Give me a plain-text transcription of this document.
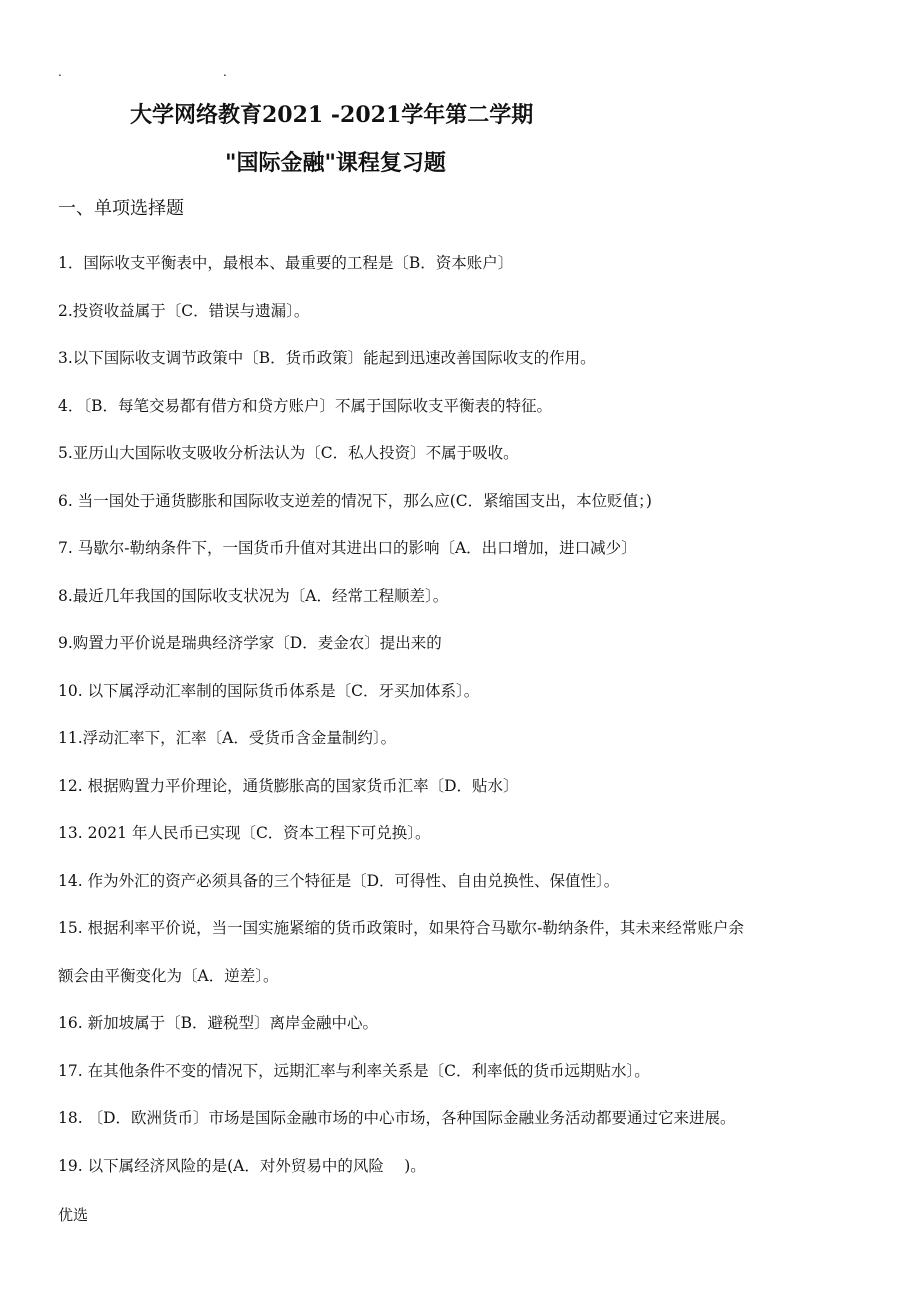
.	.
大学网络教育2021 -2021学年第二学期
"国际金融"课程复习题
一、单项选择题
1．国际收支平衡表中，最根本、最重要的工程是〔B．资本账户〕
2.投资收益属于〔C．错误与遗漏〕。
3.以下国际收支调节政策中〔B．货币政策〕能起到迅速改善国际收支的作用。
4．〔B．每笔交易都有借方和贷方账户〕不属于国际收支平衡表的特征。
5.亚历山大国际收支吸收分析法认为〔C．私人投资〕不属于吸收。
6. 当一国处于通货膨胀和国际收支逆差的情况下，那么应(C．紧缩国支出，本位贬值；)
7. 马歇尔-勒纳条件下，一国货币升值对其进出口的影响〔A．出口增加，进口减少〕
8.最近几年我国的国际收支状况为〔A．经常工程顺差〕。
9.购置力平价说是瑞典经济学家〔D．麦金农〕提出来的
10. 以下属浮动汇率制的国际货币体系是〔C．牙买加体系〕。
11.浮动汇率下，汇率〔A．受货币含金量制约〕。
12. 根据购置力平价理论，通货膨胀高的国家货币汇率〔D．贴水〕
13. 2021 年人民币已实现〔C．资本工程下可兑换〕。
14. 作为外汇的资产必须具备的三个特征是〔D．可得性、自由兑换性、保值性〕。
15. 根据利率平价说，当一国实施紧缩的货币政策时，如果符合马歇尔-勒纳条件，其未来经常账户余
额会由平衡变化为〔A．逆差〕。
16. 新加坡属于〔B．避税型〕离岸金融中心。
17. 在其他条件不变的情况下，远期汇率与利率关系是〔C．利率低的货币远期贴水〕。
18. 〔D．欧洲货币〕市场是国际金融市场的中心市场，各种国际金融业务活动都要通过它来进展。
19. 以下属经济风险的是(A．对外贸易中的风险　 )。
优选
